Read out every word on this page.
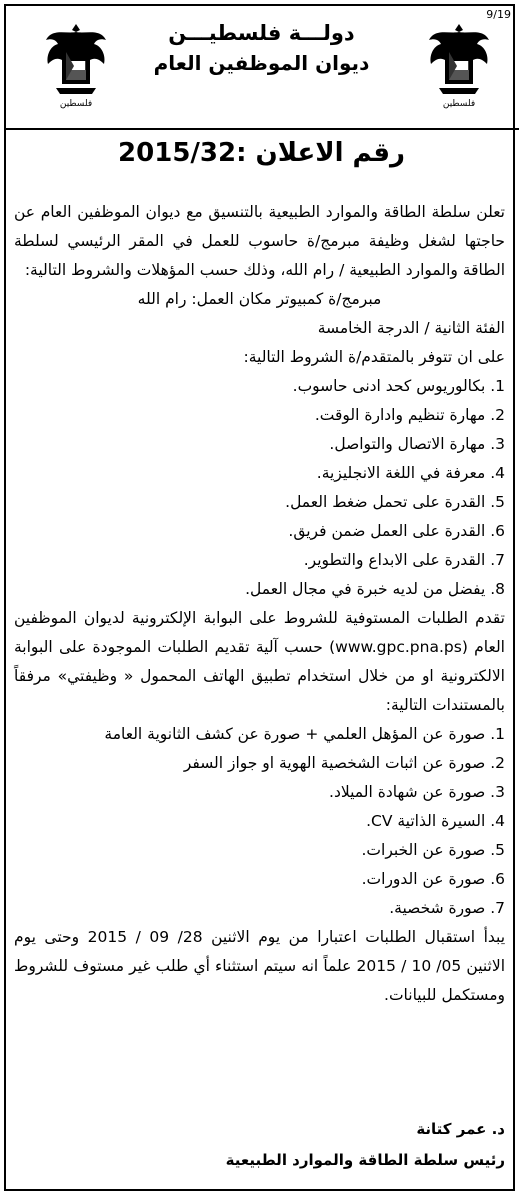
9/19
فلسطين	فلسطين
دولـــة فلسطيـــن
ديوان الموظفين العام
رقم الاعلان :2015/32

تعلن سلطة الطاقة والموارد الطبيعية بالتنسيق مع ديوان الموظفين العام عن حاجتها لشغل وظيفة مبرمج/ة حاسوب للعمل في المقر الرئيسي لسلطة الطاقة والموارد الطبيعية / رام الله، وذلك حسب المؤهلات والشروط التالية:

مبرمج/ة كمبيوتر مكان العمل: رام الله

الفئة الثانية / الدرجة الخامسة

على ان تتوفر بالمتقدم/ة الشروط التالية:

1. بكالوريوس كحد ادنى حاسوب.
2. مهارة تنظيم وادارة الوقت.
3. مهارة الاتصال والتواصل.
4. معرفة في اللغة الانجليزية.
5. القدرة على تحمل ضغط العمل.
6. القدرة على العمل ضمن فريق.
7. القدرة على الابداع والتطوير.
8. يفضل من لديه خبرة في مجال العمل.

تقدم الطلبات المستوفية للشروط على البوابة الإلكترونية لديوان الموظفين العام (www.gpc.pna.ps) حسب آلية تقديم الطلبات الموجودة على البوابة الالكترونية او من خلال استخدام تطبيق الهاتف المحمول « وظيفتي» مرفقاً بالمستندات التالية:

1. صورة عن المؤهل العلمي + صورة عن كشف الثانوية العامة
2. صورة عن اثبات الشخصية الهوية او جواز السفر
3. صورة عن شهادة الميلاد.
4. السيرة الذاتية CV.
5. صورة عن الخبرات.
6. صورة عن الدورات.
7. صورة شخصية.

يبدأ استقبال الطلبات اعتبارا من يوم الاثنين 28/ 09 / 2015 وحتى يوم الاثنين 05/ 10 / 2015 علماً انه سيتم استثناء أي طلب غير مستوف للشروط ومستكمل للبيانات.

د. عمر كتانة
رئيس سلطة الطاقة والموارد الطبيعية
